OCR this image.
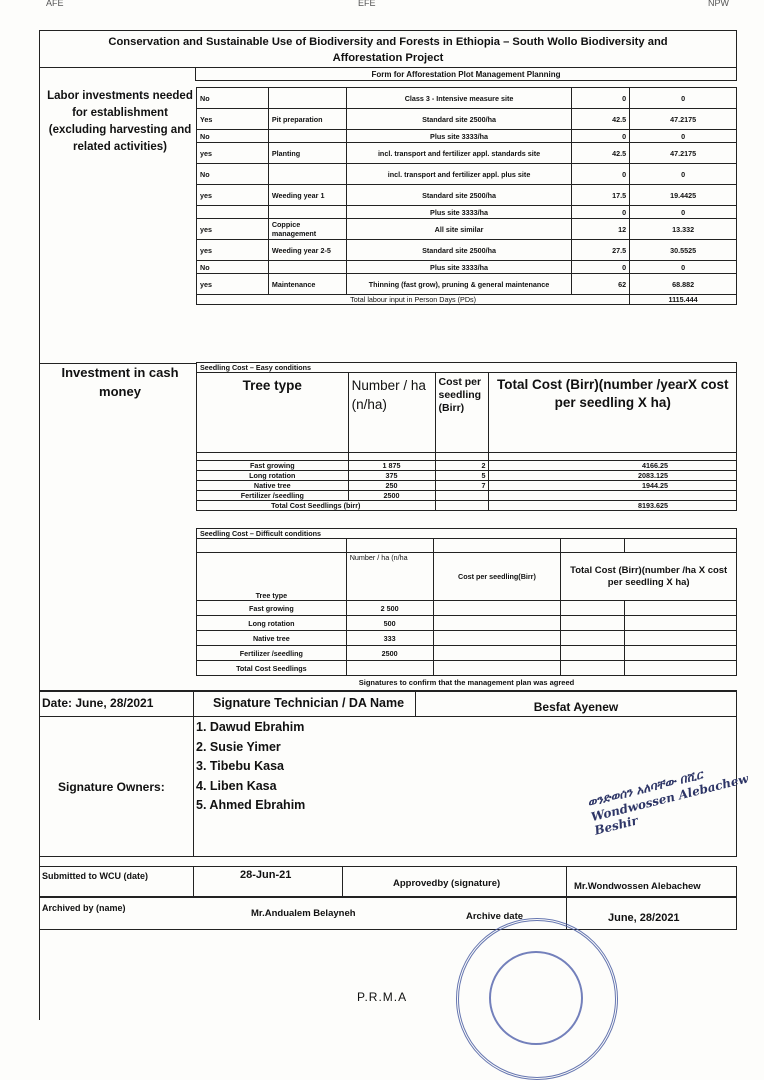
AFE	EFE	NPW
Conservation and Sustainable Use of Biodiversity and Forests in Ethiopia – South Wollo Biodiversity and
Afforestation Project
Form for Afforestation Plot Management Planning
Labor investments needed for establishment (excluding harvesting and related activities)
No		Class 3 - Intensive measure site	0	0
Yes	Pit preparation	Standard site 2500/ha	42.5	47.2175
No		Plus site 3333/ha	0	0
yes	Planting	incl. transport and fertilizer appl. standards site	42.5	47.2175
No		incl. transport and fertilizer appl. plus site	0	0
yes	Weeding year 1	Standard site 2500/ha	17.5	19.4425
		Plus site 3333/ha	0	0
yes	Coppice management	All site similar	12	13.332
yes	Weeding year 2-5	Standard site 2500/ha	27.5	30.5525
No		Plus site 3333/ha	0	0
yes	Maintenance	Thinning (fast grow), pruning & general maintenance	62	68.882
Total labour input in Person Days (PDs)				1115.444
Investment in cash money
Seedling Cost – Easy conditions			
Tree type	Number / ha (n/ha)	Cost per seedling (Birr)	Total Cost (Birr)(number /yearX cost per seedling X ha)

Fast growing	1 875	2	4166.25
Long rotation	375	5	2083.125
Native tree	250	7	1944.25
Fertilizer /seedling	2500		
Total Cost Seedlings (birr)			8193.625
Seedling Cost – Difficult conditions				

Tree type	Number / ha (n/ha	Cost per seedling(Birr)	Total Cost (Birr)(number /ha X cost per seedling X ha)	
Fast growing	2 500			
Long rotation	500			
Native tree	333			
Fertilizer /seedling	2500			
Total Cost Seedlings				
Signatures to confirm that the management plan was agreed
Date: June, 28/2021	Signature Technician / DA Name	Besfat Ayenew
Signature Owners:
1. Dawud Ebrahim
2. Susie Yimer
3. Tibebu Kasa
4. Liben Kasa
5. Ahmed Ebrahim	ወንድወሰን አለባቸው በሺር Wondwossen Alebachew Beshir
Submitted to WCU (date)	28-Jun-21
Approvedby (signature)	Mr.Wondwossen Alebachew
Archived by (name)	Mr.Andualem Belayneh	Archive date	June, 28/2021
P.R.M.A
